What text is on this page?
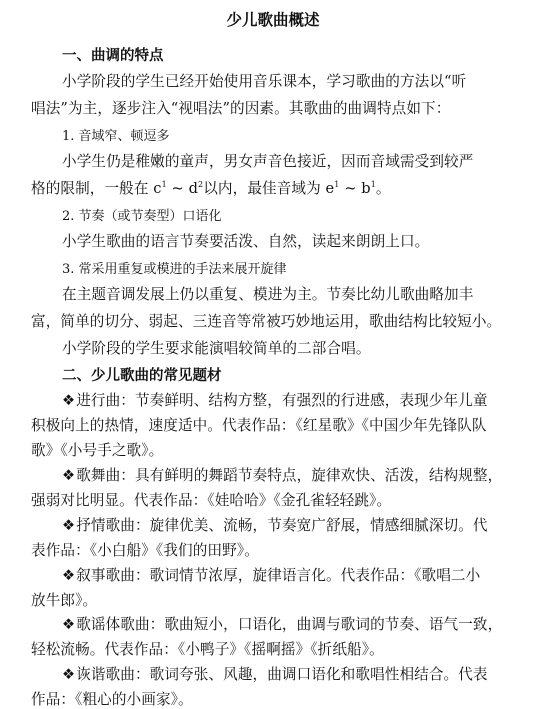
少儿歌曲概述
一、曲调的特点
小学阶段的学生已经开始使用音乐课本，学习歌曲的方法以“听
唱法”为主，逐步注入“视唱法”的因素。其歌曲的曲调特点如下：
1. 音域窄、顿逗多
小学生仍是稚嫩的童声，男女声音色接近，因而音域需受到较严
格的限制，一般在 $c^1$ ~ $d^2$以内，最佳音域为 $e^1$ ~ $b^1$。
2. 节奏（或节奏型）口语化
小学生歌曲的语言节奏要活泼、自然，读起来朗朗上口。
3. 常采用重复或模进的手法来展开旋律
在主题音调发展上仍以重复、模进为主。节奏比幼儿歌曲略加丰
富，简单的切分、弱起、三连音等常被巧妙地运用，歌曲结构比较短小。
小学阶段的学生要求能演唱较简单的二部合唱。
二、少儿歌曲的常见题材
❖进行曲：节奏鲜明、结构方整，有强烈的行进感，表现少年儿童
积极向上的热情，速度适中。代表作品：《红星歌》《中国少年先锋队队
歌》《小号手之歌》。
❖歌舞曲：具有鲜明的舞蹈节奏特点，旋律欢快、活泼，结构规整，
强弱对比明显。代表作品：《娃哈哈》《金孔雀轻轻跳》。
❖抒情歌曲：旋律优美、流畅，节奏宽广舒展，情感细腻深切。代
表作品：《小白船》《我们的田野》。
❖叙事歌曲：歌词情节浓厚，旋律语言化。代表作品：《歌唱二小
放牛郎》。
❖歌谣体歌曲：歌曲短小，口语化，曲调与歌词的节奏、语气一致，
轻松流畅。代表作品：《小鸭子》《摇啊摇》《折纸船》。
❖诙谐歌曲：歌词夸张、风趣，曲调口语化和歌唱性相结合。代表
作品：《粗心的小画家》。
